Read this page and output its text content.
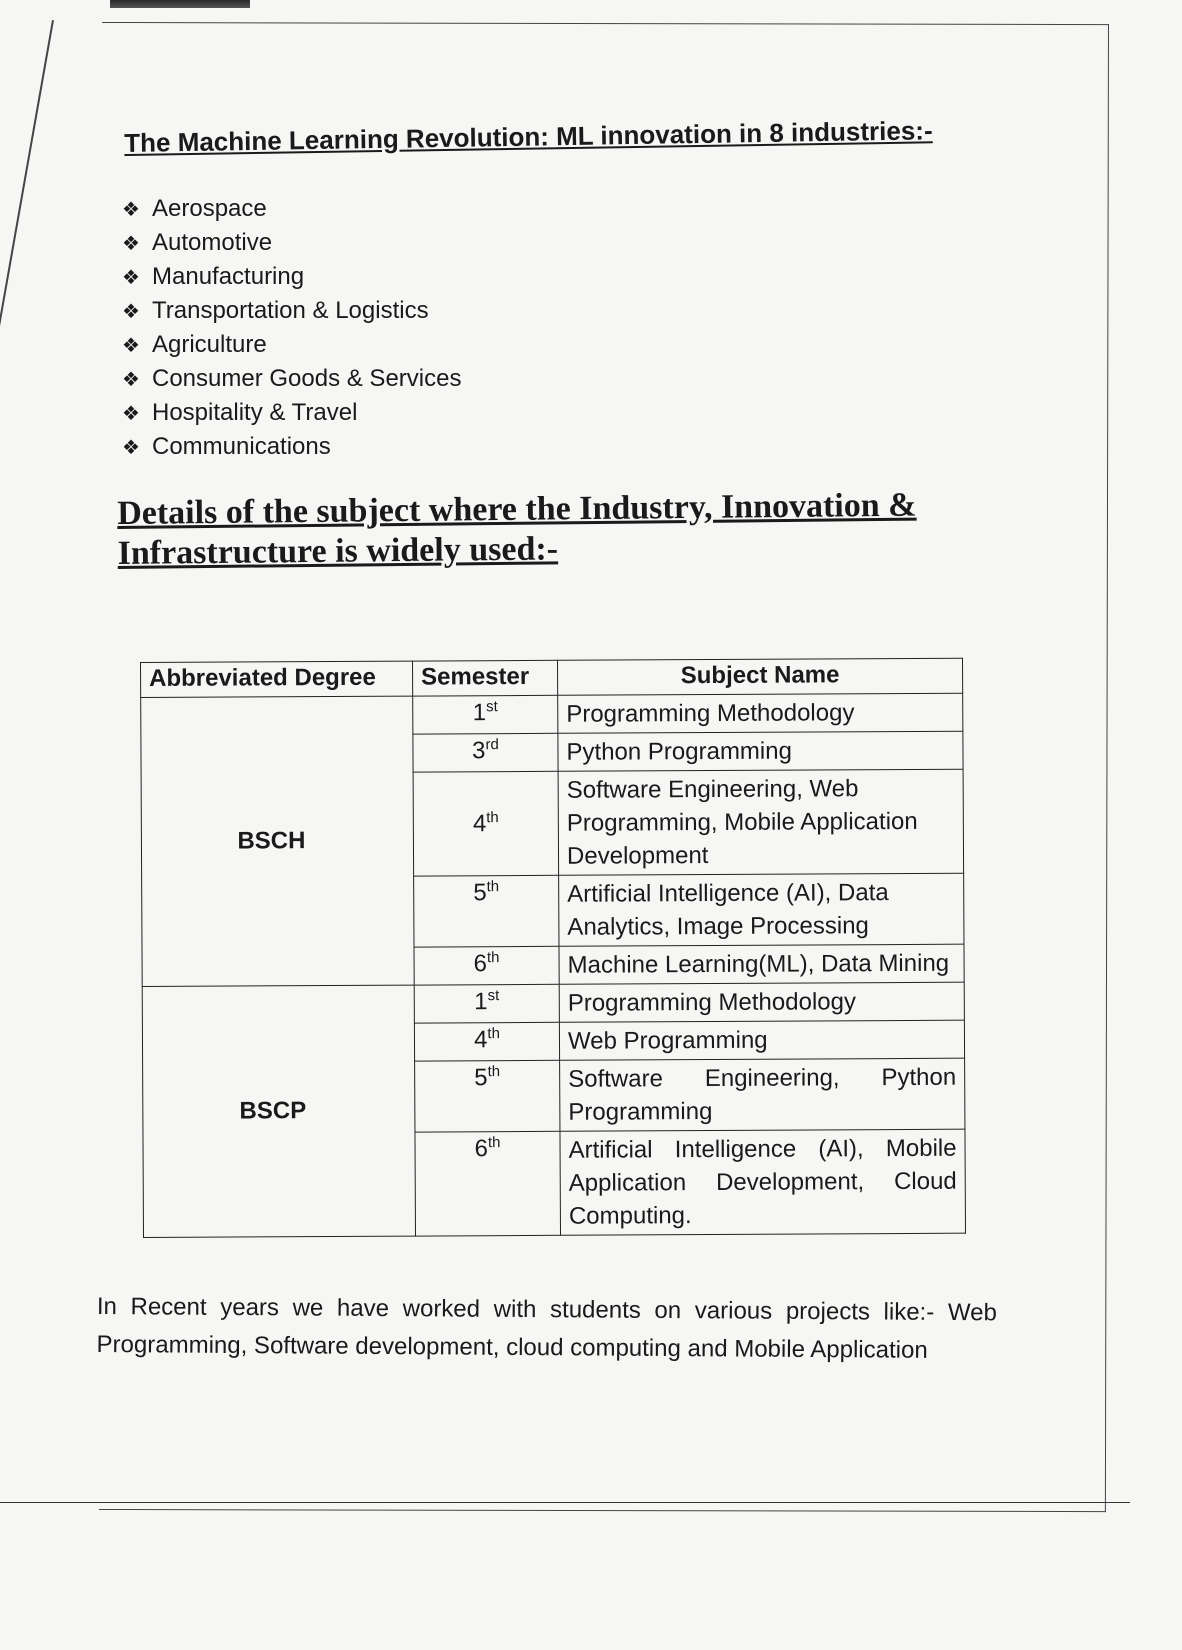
The Machine Learning Revolution: ML innovation in 8 industries:-
❖ Aerospace
❖ Automotive
❖ Manufacturing
❖ Transportation & Logistics
❖ Agriculture
❖ Consumer Goods & Services
❖ Hospitality & Travel
❖ Communications
Details of the subject where the Industry, Innovation & Infrastructure is widely used:-
Abbreviated Degree	Semester	Subject Name
BSCH	1st	Programming Methodology
	3rd	Python Programming
	4th	Software Engineering, Web Programming, Mobile Application Development
	5th	Artificial Intelligence (AI), Data Analytics, Image Processing
	6th	Machine Learning(ML), Data Mining
BSCP	1st	Programming Methodology
	4th	Web Programming
	5th	Software Engineering, Python Programming
	6th	Artificial Intelligence (AI), Mobile Application Development, Cloud Computing.
In Recent years we have worked with students on various projects like:- Web Programming, Software development, cloud computing and Mobile Application
